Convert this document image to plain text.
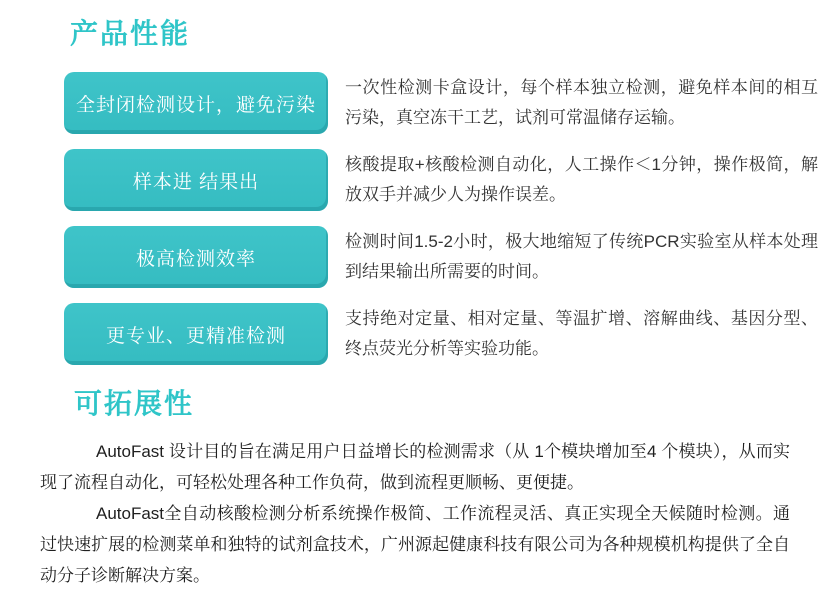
产品性能
全封闭检测设计，避免污染
一次性检测卡盒设计，每个样本独立检测，避免样本间的相互污染，真空冻干工艺，试剂可常温储存运输。
样本进 结果出
核酸提取+核酸检测自动化，人工操作＜1分钟，操作极简，解放双手并减少人为操作误差。
极高检测效率
检测时间1.5-2小时，极大地缩短了传统PCR实验室从样本处理到结果输出所需要的时间。
更专业、更精准检测
支持绝对定量、相对定量、等温扩增、溶解曲线、基因分型、终点荧光分析等实验功能。
可拓展性

AutoFast 设计目的旨在满足用户日益增长的检测需求（从 1个模块增加至4 个模块），从而实现了流程自动化，可轻松处理各种工作负荷，做到流程更顺畅、更便捷。

AutoFast全自动核酸检测分析系统操作极简、工作流程灵活、真正实现全天候随时检测。通过快速扩展的检测菜单和独特的试剂盒技术，广州源起健康科技有限公司为各种规模机构提供了全自动分子诊断解决方案。
